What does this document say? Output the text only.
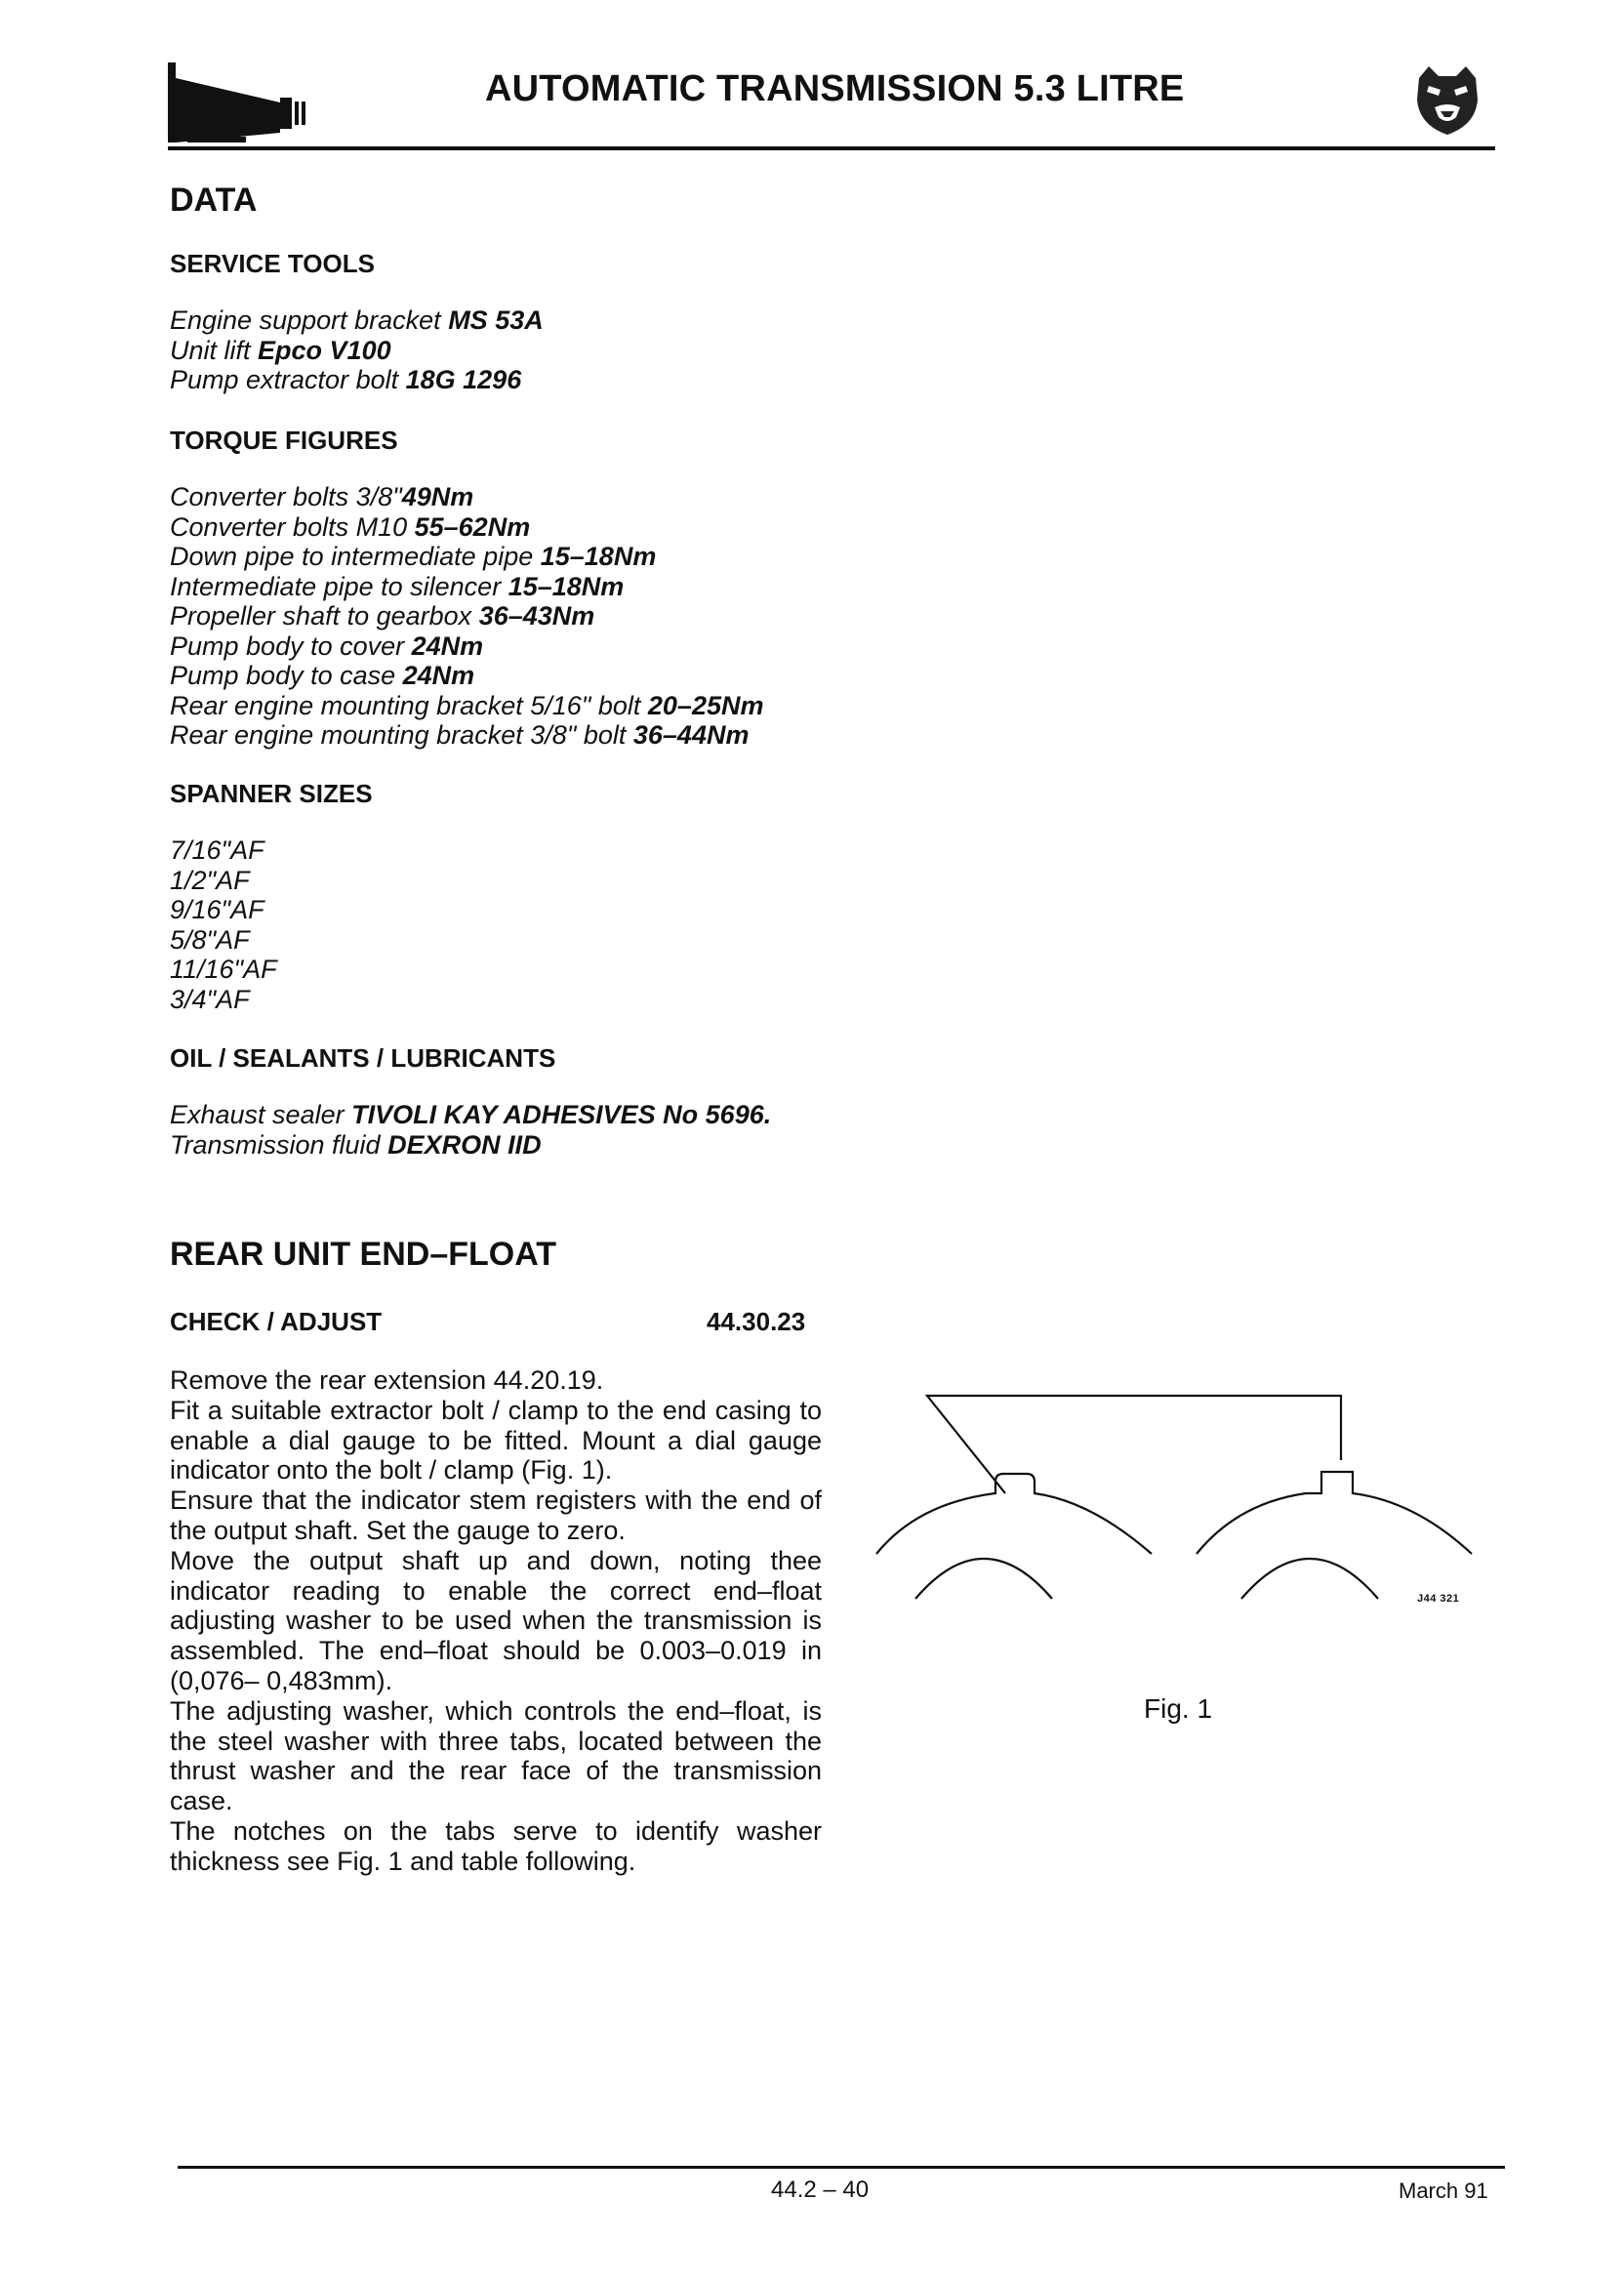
AUTOMATIC TRANSMISSION 5.3 LITRE
DATA
SERVICE TOOLS
Engine support bracket MS 53A
Unit lift Epco V100
Pump extractor bolt 18G 1296
TORQUE FIGURES
Converter bolts 3/8"49Nm
Converter bolts M10 55–62Nm
Down pipe to intermediate pipe 15–18Nm
Intermediate pipe to silencer 15–18Nm
Propeller shaft to gearbox 36–43Nm
Pump body to cover 24Nm
Pump body to case 24Nm
Rear engine mounting bracket 5/16" bolt 20–25Nm
Rear engine mounting bracket 3/8" bolt 36–44Nm
SPANNER SIZES
7/16"AF
1/2"AF
9/16"AF
5/8"AF
11/16"AF
3/4"AF
OIL / SEALANTS / LUBRICANTS
Exhaust sealer TIVOLI KAY ADHESIVES No 5696.
Transmission fluid DEXRON IID
REAR UNIT END–FLOAT
CHECK / ADJUST	44.30.23

Remove the rear extension 44.20.19.

Fit a suitable extractor bolt / clamp to the end casing to enable a dial gauge to be fitted. Mount a dial gauge indicator onto the bolt / clamp (Fig. 1).

Ensure that the indicator stem registers with the end of the output shaft. Set the gauge to zero.

Move the output shaft up and down, noting thee indicator reading to enable the correct end–float adjusting washer to be used when the transmission is assembled. The end–float should be 0.003–0.019 in (0,076– 0,483mm).

The adjusting washer, which controls the end–float, is the steel washer with three tabs, located between the thrust washer and the rear face of the transmission case.

The notches on the tabs serve to identify washer thickness see Fig. 1 and table following.

J44 321
Fig. 1
44.2 – 40	March 91
